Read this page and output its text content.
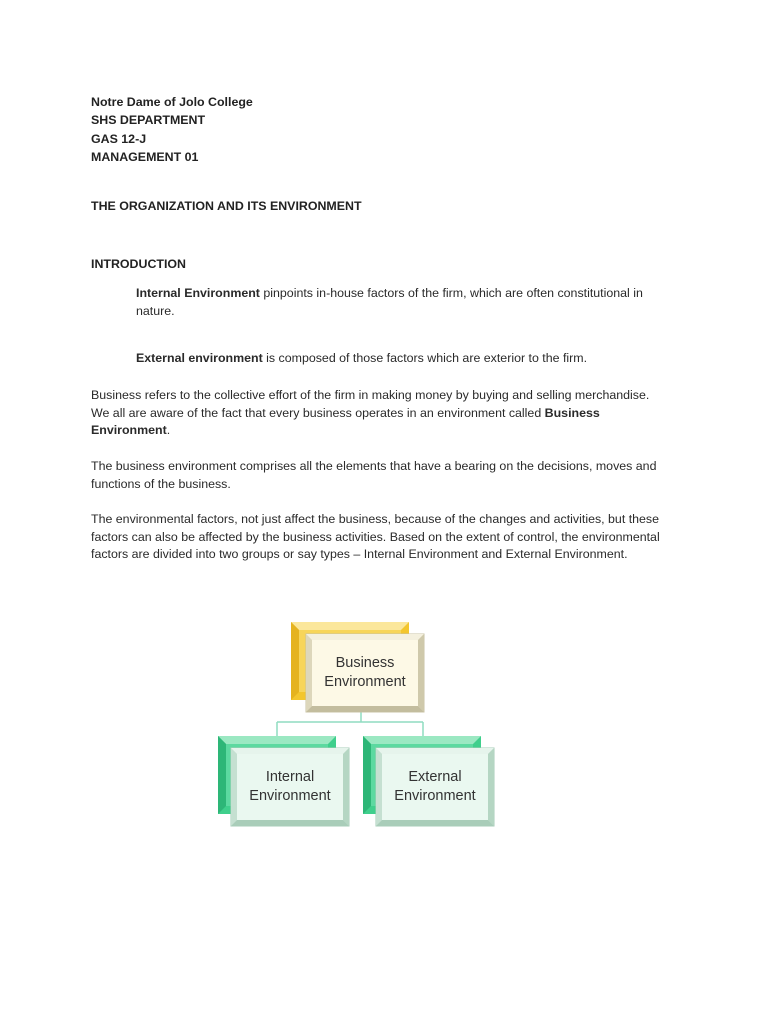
Notre Dame of Jolo College
SHS DEPARTMENT
GAS 12-J
MANAGEMENT 01
THE ORGANIZATION AND ITS ENVIRONMENT
INTRODUCTION
Internal Environment pinpoints in-house factors of the firm, which are often constitutional in
nature.
External environment is composed of those factors which are exterior to the firm.
Business refers to the collective effort of the firm in making money by buying and selling merchandise.
We all are aware of the fact that every business operates in an environment called Business
Environment.
The business environment comprises all the elements that have a bearing on the decisions, moves and
functions of the business.
The environmental factors, not just affect the business, because of the changes and activities, but these
factors can also be affected by the business activities. Based on the extent of control, the environmental
factors are divided into two groups or say types – Internal Environment and External Environment.
Business
Environment
Internal
Environment
External
Environment
